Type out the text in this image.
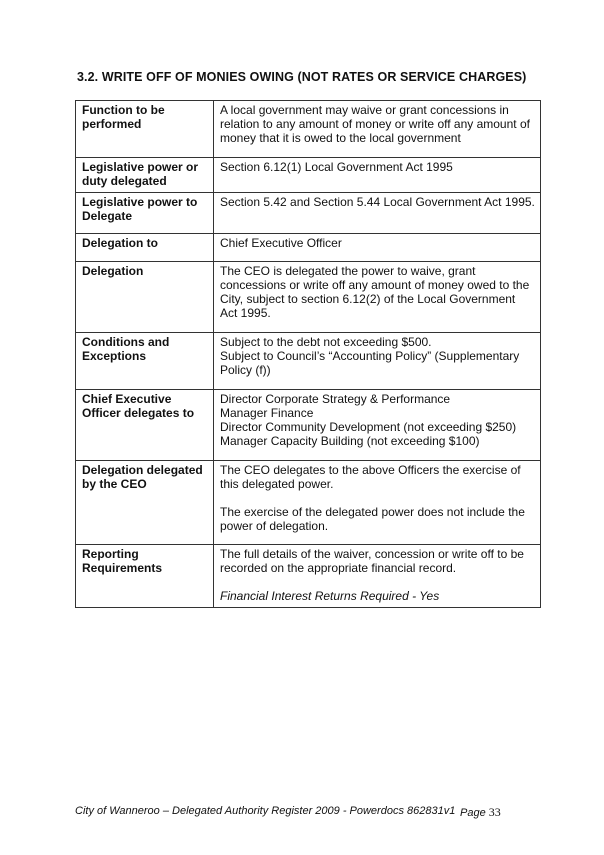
3.2. WRITE OFF OF MONIES OWING (NOT RATES OR SERVICE CHARGES)
Function to be performed	A local government may waive or grant concessions in relation to any amount of money or write off any amount of money that it is owed to the local government

Legislative power or duty delegated	Section 6.12(1) Local Government Act 1995

Legislative power to Delegate	Section 5.42 and Section 5.44 Local Government Act 1995.

Delegation to	Chief Executive Officer

Delegation	The CEO is delegated the power to waive, grant concessions or write off any amount of money owed to the City, subject to section 6.12(2) of the Local Government Act 1995.

Conditions and Exceptions	Subject to the debt not exceeding $500.
Subject to Council’s “Accounting Policy” (Supplementary Policy (f))

Chief Executive Officer delegates to	Director Corporate Strategy & Performance
Manager Finance
Director Community Development (not exceeding $250)
Manager Capacity Building (not exceeding $100)

Delegation delegated by the CEO	The CEO delegates to the above Officers the exercise of this delegated power.

The exercise of the delegated power does not include the power of delegation.

Reporting Requirements	The full details of the waiver, concession or write off to be recorded on the appropriate financial record.

Financial Interest Returns Required - Yes

City of Wanneroo – Delegated Authority Register 2009 - Powerdocs 862831v1 Page 33
